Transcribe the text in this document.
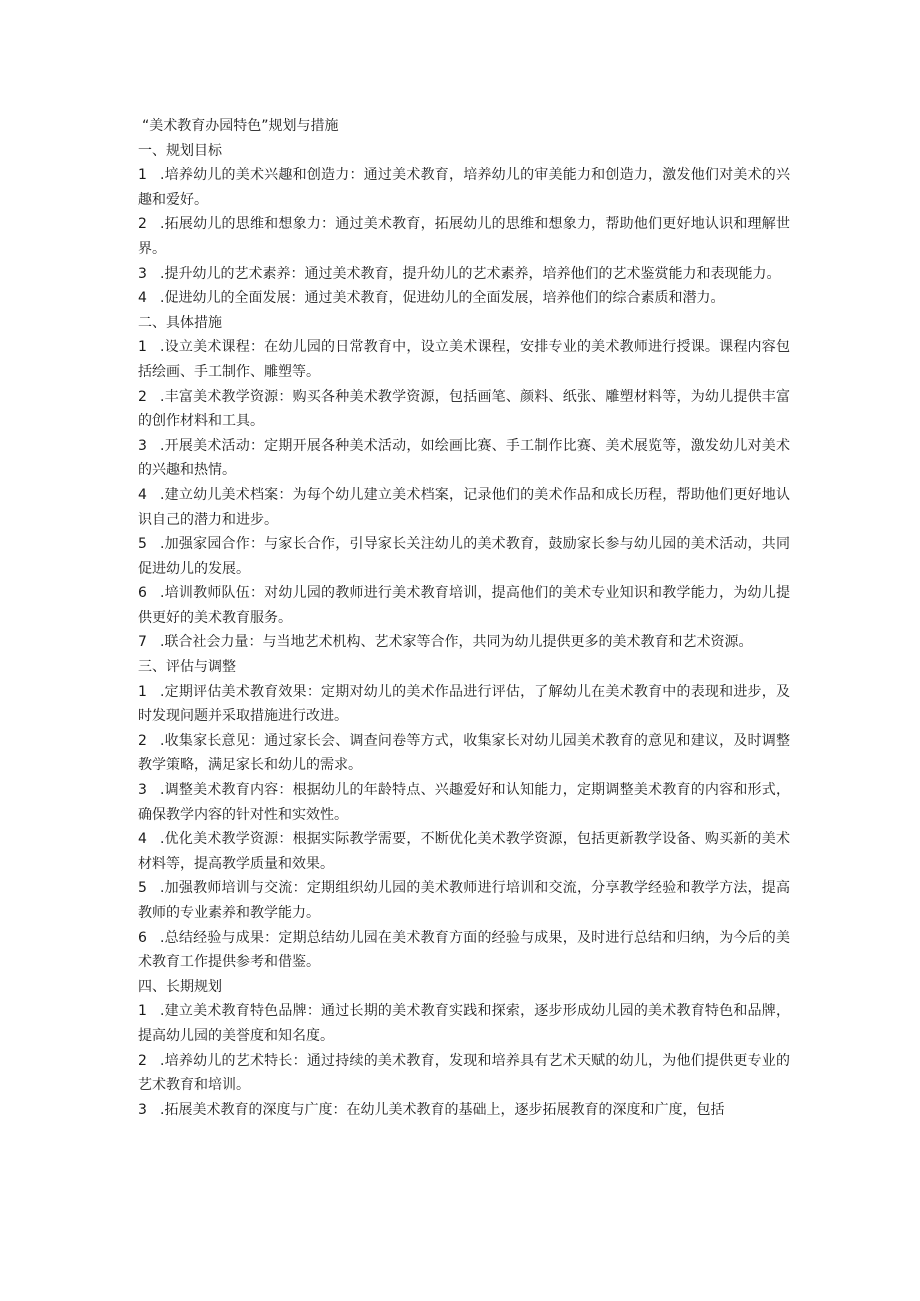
“美术教育办园特色”规划与措施

一、规划目标

1 .培养幼儿的美术兴趣和创造力：通过美术教育，培养幼儿的审美能力和创造力，激发他们对美术的兴趣和爱好。

2 .拓展幼儿的思维和想象力：通过美术教育，拓展幼儿的思维和想象力，帮助他们更好地认识和理解世界。

3 .提升幼儿的艺术素养：通过美术教育，提升幼儿的艺术素养，培养他们的艺术鉴赏能力和表现能力。

4 .促进幼儿的全面发展：通过美术教育，促进幼儿的全面发展，培养他们的综合素质和潜力。

二、具体措施

1 .设立美术课程：在幼儿园的日常教育中，设立美术课程，安排专业的美术教师进行授课。课程内容包括绘画、手工制作、雕塑等。

2 .丰富美术教学资源：购买各种美术教学资源，包括画笔、颜料、纸张、雕塑材料等，为幼儿提供丰富的创作材料和工具。

3 .开展美术活动：定期开展各种美术活动，如绘画比赛、手工制作比赛、美术展览等，激发幼儿对美术的兴趣和热情。

4 .建立幼儿美术档案：为每个幼儿建立美术档案，记录他们的美术作品和成长历程，帮助他们更好地认识自己的潜力和进步。

5 .加强家园合作：与家长合作，引导家长关注幼儿的美术教育，鼓励家长参与幼儿园的美术活动，共同促进幼儿的发展。

6 .培训教师队伍：对幼儿园的教师进行美术教育培训，提高他们的美术专业知识和教学能力，为幼儿提供更好的美术教育服务。

7 .联合社会力量：与当地艺术机构、艺术家等合作，共同为幼儿提供更多的美术教育和艺术资源。

三、评估与调整

1 .定期评估美术教育效果：定期对幼儿的美术作品进行评估，了解幼儿在美术教育中的表现和进步，及时发现问题并采取措施进行改进。

2 .收集家长意见：通过家长会、调查问卷等方式，收集家长对幼儿园美术教育的意见和建议，及时调整教学策略，满足家长和幼儿的需求。

3 .调整美术教育内容：根据幼儿的年龄特点、兴趣爱好和认知能力，定期调整美术教育的内容和形式，确保教学内容的针对性和实效性。

4 .优化美术教学资源：根据实际教学需要，不断优化美术教学资源，包括更新教学设备、购买新的美术材料等，提高教学质量和效果。

5 .加强教师培训与交流：定期组织幼儿园的美术教师进行培训和交流，分享教学经验和教学方法，提高教师的专业素养和教学能力。

6 .总结经验与成果：定期总结幼儿园在美术教育方面的经验与成果，及时进行总结和归纳，为今后的美术教育工作提供参考和借鉴。

四、长期规划

1 .建立美术教育特色品牌：通过长期的美术教育实践和探索，逐步形成幼儿园的美术教育特色和品牌，提高幼儿园的美誉度和知名度。

2 .培养幼儿的艺术特长：通过持续的美术教育，发现和培养具有艺术天赋的幼儿，为他们提供更专业的艺术教育和培训。

3 .拓展美术教育的深度与广度：在幼儿美术教育的基础上，逐步拓展教育的深度和广度，包括
